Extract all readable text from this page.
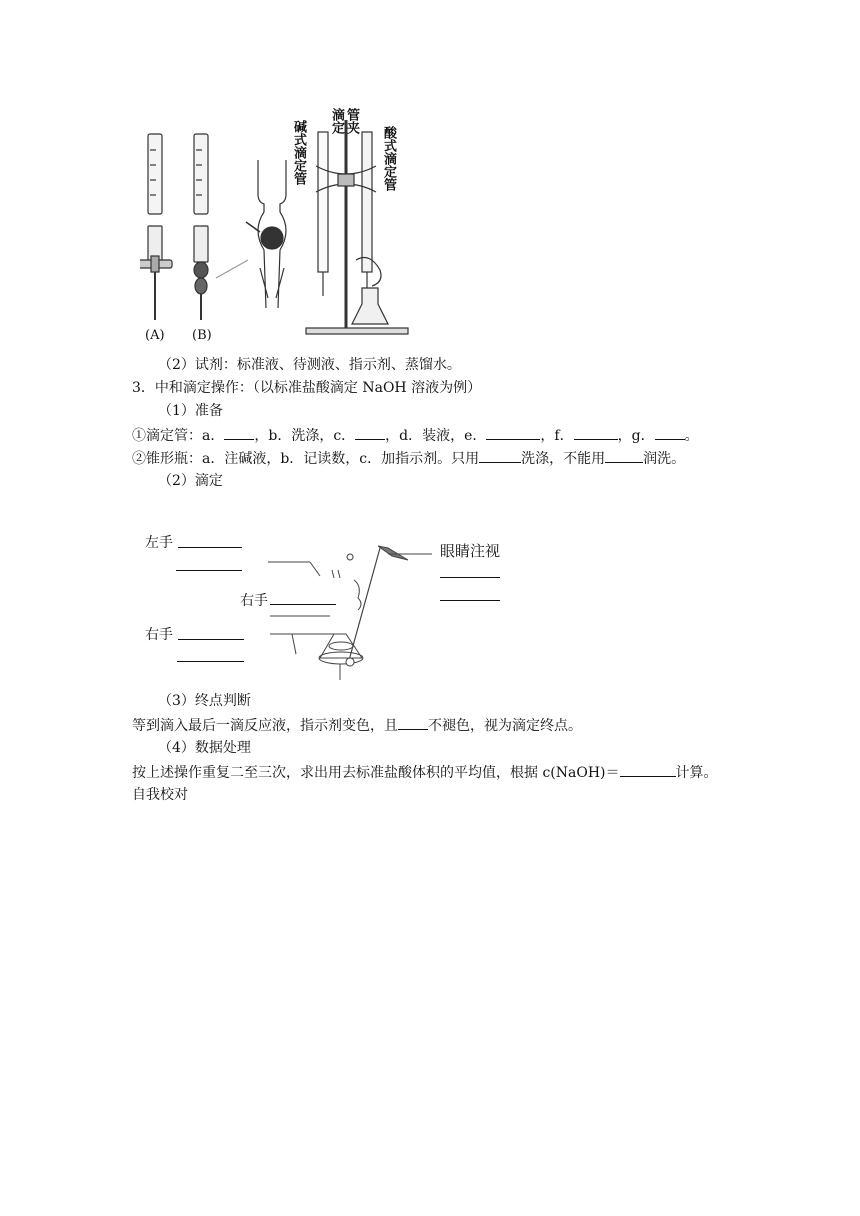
(A) (B)
碱式滴定管 滴定 管夹
酸式滴定管
（2）试剂：标准液、待测液、指示剂、蒸馏水。
3．中和滴定操作：（以标准盐酸滴定 NaOH 溶液为例）
（1）准备
①滴定管：a． ，b．洗涤，c． ，d．装液，e．	，f．	，g． 。
②锥形瓶：a．注碱液，b．记读数，c．加指示剂。只用	洗涤，不能用	润洗。
（2）滴定
左手
右手
右手
眼睛注视
（3）终点判断
等到滴入最后一滴反应液，指示剂变色，且 不褪色，视为滴定终点。
（4）数据处理
按上述操作重复二至三次，求出用去标准盐酸体积的平均值，根据 c(NaOH)＝	计算。
自我校对
